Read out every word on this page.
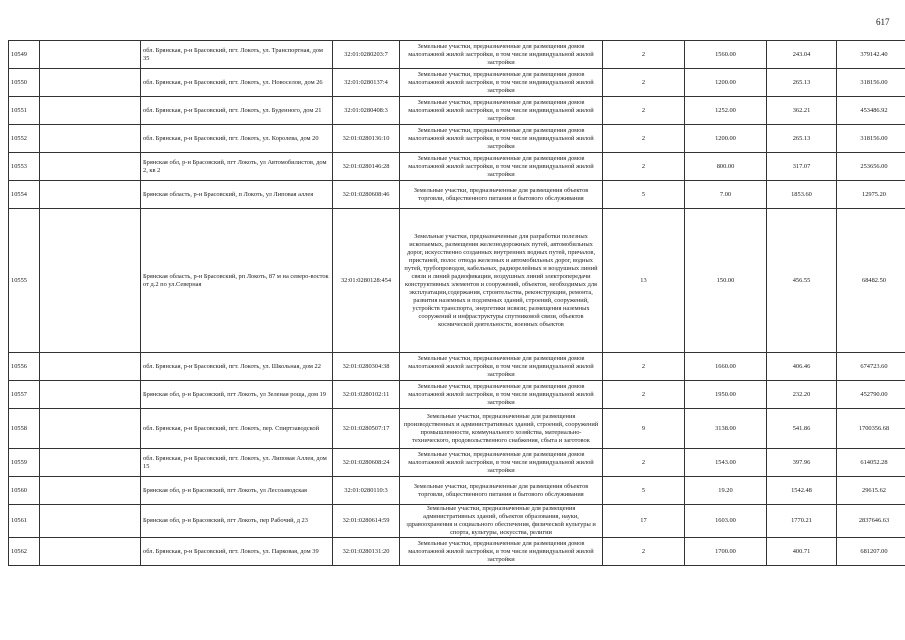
617
10549		обл. Брянская, р-н Брасовский, пгт. Локоть, ул. Транспортная, дом 35	32:01:0280203:7	Земельные участки, предназначенные для размещения домов малоэтажной жилой застройки, в том числе индивидуальной жилой застройки	2	1560.00	243.04	379142.40
10550		обл. Брянская, р-н Брасовский, пгт. Локоть, ул. Новоселов, дом 26	32:01:0280137:4	Земельные участки, предназначенные для размещения домов малоэтажной жилой застройки, в том числе индивидуальной жилой застройки	2	1200.00	265.13	318156.00
10551		обл. Брянская, р-н Брасовский, пгт. Локоть, ул. Буденного, дом 21	32:01:0280408:3	Земельные участки, предназначенные для размещения домов малоэтажной жилой застройки, в том числе индивидуальной жилой застройки	2	1252.00	362.21	453486.92
10552		обл. Брянская, р-н Брасовский, пгт. Локоть, ул. Королева, дом 20	32:01:0280136:10	Земельные участки, предназначенные для размещения домов малоэтажной жилой застройки, в том числе индивидуальной жилой застройки	2	1200.00	265.13	318156.00
10553		Брянская обл, р-н Брасовский, пгт Локоть, ул Автомобилистов, дом 2, кв 2	32:01:0280146:28	Земельные участки, предназначенные для размещения домов малоэтажной жилой застройки, в том числе индивидуальной жилой застройки	2	800.00	317.07	253656.00
10554		Брянская область, р-н Брасовский, п Локоть, ул Липовая аллея	32:01:0280608:46	Земельные участки, предназначенные для размещения объектов торговли, общественного питания и бытового обслуживания	5	7.00	1853.60	12975.20
10555		Брянская область, р-н Брасовский, рп Локоть, 87 м на северо-восток от д.2 по ул.Северная	32:01:0280128:454	Земельные участки, предназначенные для разработки полезных ископаемых, размещения железнодорожных путей, автомобильных дорог, искусственно созданных внутренних водных путей, причалов, пристаней, полос отвода железных и автомобильных дорог, водных путей, трубопроводов, кабельных, радиорелейных и воздушных линий связи и линий радиофикации, воздушных линий электропередачи конструктивных элементов и сооружений, объектов, необходимых для эксплуатации,содержания, строительства, реконструкции, ремонта, развития наземных и подземных зданий, строений, сооружений, устройств транспорта, энергетики исвязи; размещения наземных сооружений и инфраструктуры спутниковой связи, объектов космической деятельности, военных объектов	13	150.00	456.55	68482.50
10556		обл. Брянская, р-н Брасовский, пгт. Локоть, ул. Школьная, дом 22	32:01:0280304:38	Земельные участки, предназначенные для размещения домов малоэтажной жилой застройки, в том числе индивидуальной жилой застройки	2	1660.00	406.46	674723.60
10557		Брянская обл, р-н Брасовский, пгт Локоть, ул Зеленая роща, дом 19	32:01:0280102:11	Земельные участки, предназначенные для размещения домов малоэтажной жилой застройки, в том числе индивидуальной жилой застройки	2	1950.00	232.20	452790.00
10558		обл. Брянская, р-н Брасовский, пгт. Локоть, пер. Спиртзаводской	32:01:0280507:17	Земельные участки, предназначенные для размещения производственных и административных зданий, строений, сооружений промышленности, коммунального хозяйства, материально-технического, продовольственного снабжения, сбыта и заготовок	9	3138.00	541.86	1700356.68
10559		обл. Брянская, р-н Брасовский, пгт. Локоть, ул. Липовая Аллея, дом 15	32:01:0280608:24	Земельные участки, предназначенные для размещения домов малоэтажной жилой застройки, в том числе индивидуальной жилой застройки	2	1543.00	397.96	614052.28
10560		Брянская обл, р-н Брасовский, пгт Локоть, ул Лесозаводская	32:01:0280110:3	Земельные участки, предназначенные для размещения объектов торговли, общественного питания и бытового обслуживания	5	19.20	1542.48	29615.62
10561		Брянская обл, р-н Брасовский, пгт Локоть, пер Рабочий, д 23	32:01:0280614:59	Земельные участки, предназначенные для размещения административных зданий, объектов образования, науки, здравоохранения и социального обеспечения, физической культуры и спорта, культуры, искусства, религии	17	1603.00	1770.21	2837646.63
10562		обл. Брянская, р-н Брасовский, пгт. Локоть, ул. Парковая, дом 39	32:01:0280131:20	Земельные участки, предназначенные для размещения домов малоэтажной жилой застройки, в том числе индивидуальной жилой застройки	2	1700.00	400.71	681207.00
